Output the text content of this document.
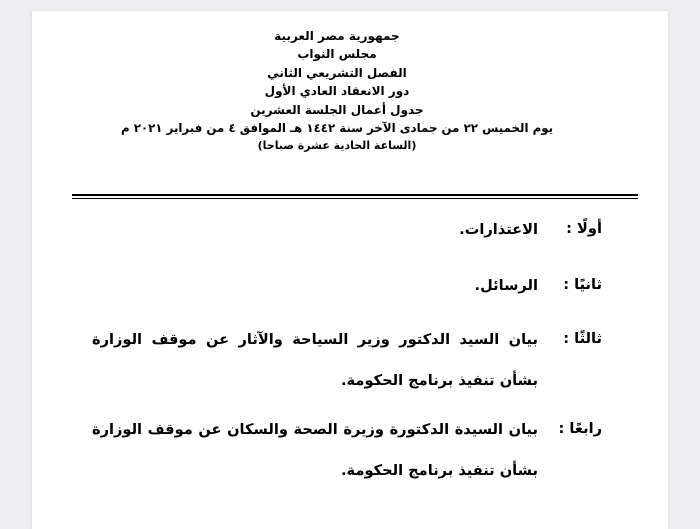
جمهورية مصر العربية
مجلس النواب
الفصل التشريعي الثاني
دور الانعقاد العادي الأول
جدول أعمال الجلسة العشرين
يوم الخميس ٢٢ من جمادى الآخر سنة ١٤٤٢ هـ الموافق ٤ من فبراير ٢٠٢١ م
(الساعة الحادية عشرة صباحا)
أولًا :
الاعتذارات.
ثانيًا :
الرسائل.
ثالثًا :
بيان السيد الدكتور وزير السياحة والآثار عن موقف الوزارة
بشأن تنفيذ برنامج الحكومة.
رابعًا :
بيان السيدة الدكتورة وزيرة الصحة والسكان عن موقف الوزارة
بشأن تنفيذ برنامج الحكومة.
